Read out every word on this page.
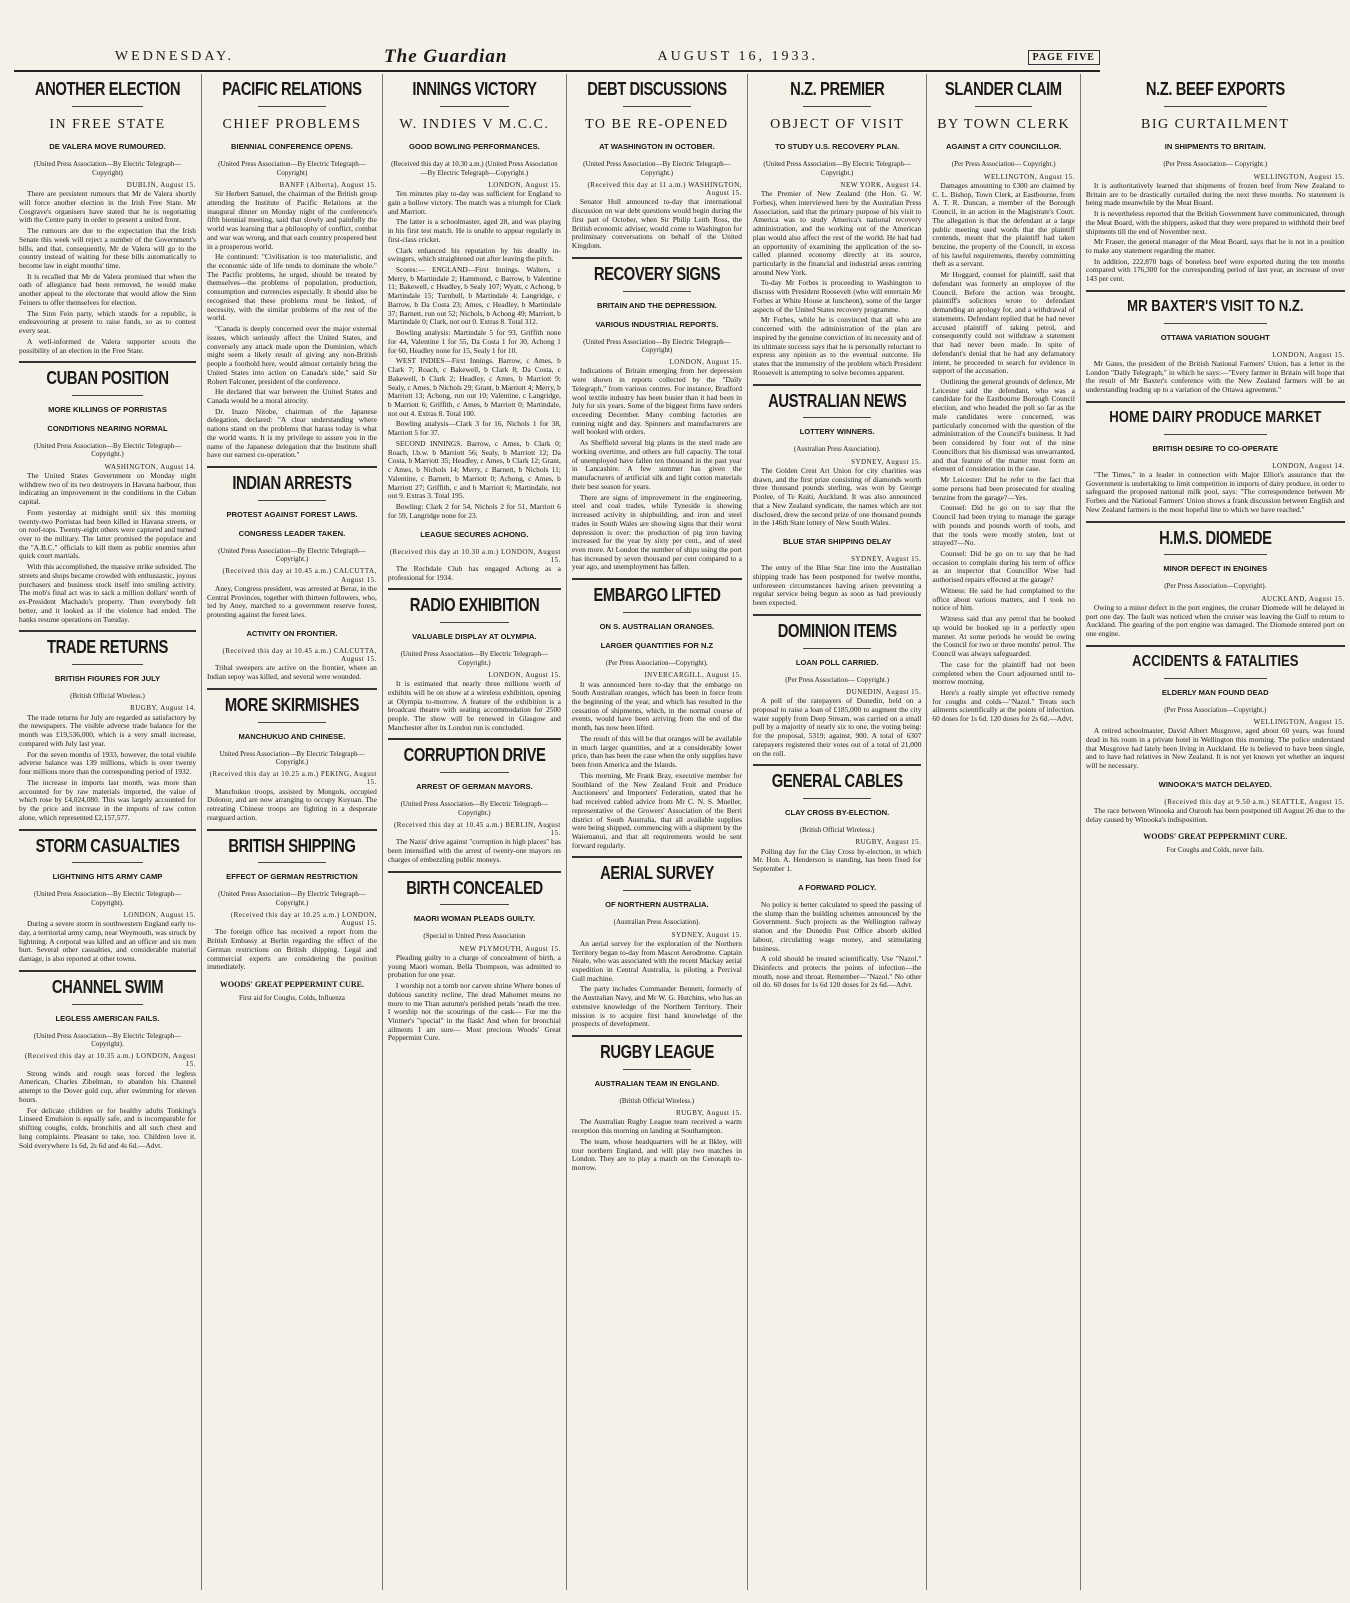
WEDNESDAY.	The Guardian	AUGUST 16, 1933.	PAGE FIVE
ANOTHER ELECTION
IN FREE STATE
DE VALERA MOVE RUMOURED.
(United Press Association—By Electric Telegraph—Copyright)
DUBLIN, August 15.

There are persistent rumours that Mr de Valera shortly will force another election in the Irish Free State. Mr Cosgrave's organisers have stated that he is negotiating with the Centre party in order to present a united front.

The rumours are due to the expectation that the Irish Senate this week will reject a number of the Government's bills, and that, consequently, Mr de Valera will go to the country instead of waiting for these bills automatically to become law in eight months' time.

It is recalled that Mr de Valera promised that when the oath of allegiance had been removed, he would make another appeal to the electorate that would allow the Sinn Feiners to offer themselves for election.

The Sinn Fein party, which stands for a republic, is endeavouring at present to raise funds, so as to contest every seat.

A well-informed de Valera supporter scouts the possibility of an election in the Free State.

CUBAN POSITION
MORE KILLINGS OF PORRISTAS
CONDITIONS NEARING NORMAL
(United Press Association—By Electric Telegraph—Copyright.)
WASHINGTON, August 14.

The United States Government on Monday night withdrew two of its two destroyers in Havana harbour, thus indicating an improvement in the conditions in the Cuban capital.

From yesterday at midnight until six this morning twenty-two Porristas had been killed in Havana streets, or on roof-tops. Twenty-eight others were captured and turned over to the military. The latter promised the populace and the "A.B.C." officials to kill them as public enemies after quick court martials.

With this accomplished, the massive strike subsided. The streets and shops became crowded with enthusiastic, joyous purchasers and business stock itself into smiling activity. The mob's final act was to sack a million dollars' worth of ex-President Machado's property. Then everybody felt better, and it looked as if the violence had ended. The banks resume operations on Tuesday.

TRADE RETURNS
BRITISH FIGURES FOR JULY
(British Official Wireless.)
RUGBY, August 14.

The trade returns for July are regarded as satisfactory by the newspapers. The visible adverse trade balance for the month was £19,536,000, which is a very small increase, compared with July last year.

For the seven months of 1933, however, the total visible adverse balance was 139 millions, which is over twenty four millions more than the corresponding period of 1932.

The increase in imports last month, was more than accounted for by raw materials imported, the value of which rose by £4,024,080. This was largely accounted for by the price and increase in the imports of raw cotton alone, which represented £2,157,577.

STORM CASUALTIES
LIGHTNING HITS ARMY CAMP
(United Press Association—By Electric Telegraph—Copyright).
LONDON, August 15.

During a severe storm in southwestern England early to-day, a territorial army camp, near Weymouth, was struck by lightning. A corporal was killed and an officer and six men hurt. Several other casualties, and considerable material damage, is also reported at other towns.

CHANNEL SWIM
LEGLESS AMERICAN FAILS.
(United Press Association—By Electric Telegraph—Copyright).
(Received this day at 10.35 a.m.) LONDON, August 15.

Strong winds and rough seas forced the legless American, Charles Zibelman, to abandon his Channel attempt to the Dover gold cup, after swimming for eleven hours.

For delicate children or for healthy adults Tonking's Linseed Emulsion is equally safe, and is incomparable for shifting coughs, colds, bronchitis and all such chest and lung complaints. Pleasant to take, too. Children love it. Sold everywhere 1s 6d, 2s 6d and 4s 6d.—Advt.

PACIFIC RELATIONS
CHIEF PROBLEMS
BIENNIAL CONFERENCE OPENS.
(United Press Association—By Electric Telegraph—Copyright)
BANFF (Alberta), August 15.

Sir Herbert Samuel, the chairman of the British group attending the Institute of Pacific Relations at the inaugural dinner on Monday night of the conference's fifth biennial meeting, said that slowly and painfully the world was learning that a philosophy of conflict, combat and war was wrong, and that each country prospered best in a prosperous world.

He continued: "Civilisation is too materialistic, and the economic side of life tends to dominate the whole." The Pacific problems, he urged, should be treated by themselves—the problems of population, production, consumption and currencies especially. It should also be recognised that these problems must be linked, of necessity, with the similar problems of the rest of the world.

"Canada is deeply concerned over the major external issues, which seriously affect the United States, and conversely any attack made upon the Dominion, which might seem a likely result of giving any non-British people a foothold here, would almost certainly bring the United States into action on Canada's side," said Sir Robert Falconer, president of the conference.

He declared that war between the United States and Canada would be a moral atrocity.

Dr. Inazo Nitobe, chairman of the Japanese delegation, declared: "A clear understanding where nations stand on the problems that harass today is what the world wants. It is my privilege to assure you in the name of the Japanese delegation that the Institute shall have our earnest co-operation."

INDIAN ARRESTS
PROTEST AGAINST FOREST LAWS.
CONGRESS LEADER TAKEN.
(United Press Association—By Electric Telegraph—Copyright.)
(Received this day at 10.45 a.m.) CALCUTTA, August 15.

Aney, Congress president, was arrested at Berar, in the Central Provinces, together with thirteen followers, who, led by Aney, marched to a government reserve forest, protesting against the forest laws.

ACTIVITY ON FRONTIER.
(Received this day at 10.45 a.m.) CALCUTTA, August 15.

Tribal sweepers are active on the frontier, where an Indian sepoy was killed, and several were wounded.

MORE SKIRMISHES
MANCHUKUO AND CHINESE.
United Press Association—By Electric Telegraph—Copyright.)
(Received this day at 10.25 a.m.) PEKING, August 15.

Manchukuo troops, assisted by Mongols, occupied Dolonor, and are now arranging to occupy Kuyuan. The retreating Chinese troops are fighting in a desperate rearguard action.

BRITISH SHIPPING
EFFECT OF GERMAN RESTRICTION
(United Press Association—By Electric Telegraph—Copyright.)
(Received this day at 10.25 a.m.) LONDON, August 15.

The foreign office has received a report from the British Embassy at Berlin regarding the effect of the German restrictions on British shipping. Legal and commercial experts are considering the position immediately.

WOODS' GREAT PEPPERMINT CURE.
First aid for Coughs, Colds, Influenza
INNINGS VICTORY
W. INDIES V M.C.C.
GOOD BOWLING PERFORMANCES.
(Received this day at 10.30 a.m.) (United Press Association—By Electric Telegraph—Copyright.)
LONDON, August 15.

Ten minutes play to-day was sufficient for England to gain a hollow victory. The match was a triumph for Clark and Marriott.

The latter is a schoolmaster, aged 28, and was playing in his first test match. He is unable to appear regularly in first-class cricket.

Clark enhanced his reputation by his deadly in-swingers, which straightened out after leaving the pitch.

Scores:— ENGLAND—First Innings. Walters, c Merry, b Martindale 2; Hammond, c Barrow, b Valentine 11; Bakewell, c Headley, b Sealy 107; Wyatt, c Achong, b Martindale 15; Turnbull, b Martindale 4; Langridge, c Barrow, b Da Costa 23; Ames, c Headley, b Martindale 37; Barnett, run out 52; Nichols, b Achong 49; Marriott, b Martindale 0; Clark, not out 0. Extras 8. Total 312.

Bowling analysis: Martindale 5 for 93, Griffith none for 44, Valentine 1 for 55, Da Costa 1 for 30, Achong 1 for 60, Headley none for 15, Sealy 1 for 10.

WEST INDIES—First Innings. Barrow, c Ames, b Clark 7; Roach, c Bakewell, b Clark 8; Da Costa, c Bakewell, b Clark 2; Headley, c Ames, b Marriott 9; Sealy, c Ames, b Nichols 29; Grant, b Marriott 4; Merry, b Marriott 13; Achong, run out 10; Valentine, c Langridge, b Marriott 6; Griffith, c Ames, b Marriott 0; Martindale, not out 4. Extras 8. Total 100.

Bowling analysis—Clark 3 for 16, Nichols 1 for 38, Marriott 5 for 37.

SECOND INNINGS. Barrow, c Ames, b Clark 0; Roach, l.b.w. b Marriott 56; Sealy, b Marriott 12; Da Costa, b Marriott 35; Headley, c Ames, b Clark 12; Grant, c Ames, b Nichols 14; Merry, c Barnett, b Nichols 11; Valentine, c Barnett, b Marriott 0; Achong, c Ames, b Marriott 27; Griffith, c and b Marriott 6; Martindale, not out 9. Extras 3. Total 195.

Bowling: Clark 2 for 54, Nichols 2 for 51, Marriott 6 for 59, Langridge none for 23.

LEAGUE SECURES ACHONG.
(Received this day at 10.30 a.m.) LONDON, August 15.

The Rochdale Club has engaged Achong as a professional for 1934.

RADIO EXHIBITION
VALUABLE DISPLAY AT OLYMPIA.
(United Press Association—By Electric Telegraph—Copyright.)
LONDON, August 15.

It is estimated that nearly three millions worth of exhibits will be on show at a wireless exhibition, opening at Olympia to-morrow. A feature of the exhibition is a broadcast theatre with seating accommodation for 2500 people. The show will be renewed in Glasgow and Manchester after its London run is concluded.

CORRUPTION DRIVE
ARREST OF GERMAN MAYORS.
(United Press Association—By Electric Telegraph—Copyright.)
(Received this day at 10.45 a.m.) BERLIN, August 15.

The Nazis' drive against "corruption in high places" has been intensified with the arrest of twenty-one mayors on charges of embezzling public moneys.

BIRTH CONCEALED
MAORI WOMAN PLEADS GUILTY.
(Special to United Press Association
NEW PLYMOUTH, August 15.

Pleading guilty to a charge of concealment of birth, a young Maori woman, Bella Thompson, was admitted to probation for one year.

I worship not a tomb nor carven shrine Where bones of dubious sanctity recline, The dead Mahomet means no more to me Than autumn's perished petals 'neath the tree. I worship not the scourings of the cask— For me the Vintner's "special" in the flask! And when for bronchial ailments I am sure— Most precious Woods' Great Peppermint Cure.

DEBT DISCUSSIONS
TO BE RE-OPENED
AT WASHINGTON IN OCTOBER.
(United Press Association—By Electric Telegraph—Copyright.)
(Received this day at 11 a.m.) WASHINGTON, August 15.

Senator Hull announced to-day that international discussion on war debt questions would begin during the first part of October, when Sir Philip Leith Ross, the British economic adviser, would come to Washington for preliminary conversations on behalf of the United Kingdom.

RECOVERY SIGNS
BRITAIN AND THE DEPRESSION.
VARIOUS INDUSTRIAL REPORTS.
(United Press Association—By Electric Telegraph—Copyright)
LONDON, August 15.

Indications of Britain emerging from her depression were shown in reports collected by the "Daily Telegraph," from various centres. For instance, Bradford wool textile industry has been busier than it had been in July for six years. Some of the biggest firms have orders exceeding December. Many combing factories are running night and day. Spinners and manufacturers are well booked with orders.

As Sheffield several big plants in the steel trade are working overtime, and others are full capacity. The total of unemployed have fallen ten thousand in the past year in Lancashire. A few summer has given the manufacturers of artificial silk and light cotton materials their best season for years.

There are signs of improvement in the engineering, steel and coal trades, while Tyneside is showing increased activity in shipbuilding, and iron and steel trades in South Wales are showing signs that their worst depression is over: the production of pig iron having increased for the year by sixty per cent., and of steel even more. At London the number of ships using the port has increased by seven thousand per cent compared to a year ago, and unemployment has fallen.

EMBARGO LIFTED
ON S. AUSTRALIAN ORANGES.
LARGER QUANTITIES FOR N.Z
(Per Press Association—Copyright).
INVERCARGILL, August 15.

It was announced here to-day that the embargo on South Australian oranges, which has been in force from the beginning of the year, and which has resulted in the cessation of shipments, which, in the normal course of events, would have been arriving from the end of the month, has now been lifted.

The result of this will be that oranges will be available in much larger quantities, and at a considerably lower price, than has been the case when the only supplies have been from America and the Islands.

This morning, Mr Frank Bray, executive member for Southland of the New Zealand Fruit and Produce Auctioneers' and Importers' Federation, stated that he had received cabled advice from Mr C. N. S. Mueller, representative of the Growers' Association of the Berri district of South Australia, that all available supplies were being shipped, commencing with a shipment by the Waiemanui, and that all requirements would be sent forward regularly.

AERIAL SURVEY
OF NORTHERN AUSTRALIA.
(Australian Press Association).
SYDNEY, August 15.

An aerial survey for the exploration of the Northern Territory began to-day from Mascot Aerodrome. Captain Neale, who was associated with the recent Mackay aerial expedition in Central Australia, is piloting a Percival Gull machine.

The party includes Commander Bennett, formerly of the Australian Navy, and Mr W. G. Hutchins, who has an extensive knowledge of the Northern Territory. Their mission is to acquire first hand knowledge of the prospects of development.

RUGBY LEAGUE
AUSTRALIAN TEAM IN ENGLAND.
(British Official Wireless.)
RUGBY, August 15.

The Australian Rugby League team received a warm reception this morning on landing at Southampton.

The team, whose headquarters will be at Ilkley, will tour northern England, and will play two matches in London. They are to play a match on the Cenotaph to-morrow.

N.Z. PREMIER
OBJECT OF VISIT
TO STUDY U.S. RECOVERY PLAN.
(United Press Association—By Electric Telegraph—Copyright.)
NEW YORK, August 14.

The Premier of New Zealand (the Hon. G. W. Forbes), when interviewed here by the Australian Press Association, said that the primary purpose of his visit to America was to study America's national recovery administration, and the working out of the American plan would also affect the rest of the world. He had had an opportunity of examining the application of the so-called planned economy directly at its source, particularly in the financial and industrial areas centring around New York.

To-day Mr Forbes is proceeding to Washington to discuss with President Roosevelt (who will entertain Mr Forbes at White House at luncheon), some of the larger aspects of the United States recovery programme.

Mr Forbes, while he is convinced that all who are concerned with the administration of the plan are inspired by the genuine conviction of its necessity and of its ultimate success says that he is personally reluctant to express any opinion as to the eventual outcome. He states that the immensity of the problem which President Roosevelt is attempting to solve becomes apparent.

AUSTRALIAN NEWS
LOTTERY WINNERS.
(Australian Press Association).
SYDNEY, August 15.

The Golden Crest Art Union for city charities was drawn, and the first prize consisting of diamonds worth three thousand pounds sterling, was won by George Poolee, of Te Kuiti, Auckland. It was also announced that a New Zealand syndicate, the names which are not disclosed, drew the second prize of one thousand pounds in the 146th State lottery of New South Wales.

BLUE STAR SHIPPING DELAY
SYDNEY, August 15.

The entry of the Blue Star line into the Australian shipping trade has been postponed for twelve months, unforeseen circumstances having arisen preventing a regular service being begun as soon as had previously been expected.

DOMINION ITEMS
LOAN POLL CARRIED.
(Per Press Association— Copyright.)
DUNEDIN, August 15.

A poll of the ratepayers of Dunedin, held on a proposal to raise a loan of £185,000 to augment the city water supply from Deep Stream, was carried on a small poll by a majority of nearly six to one, the voting being: for the proposal, 5319; against, 900. A total of 6307 ratepayers registered their votes out of a total of 21,000 on the roll.

GENERAL CABLES
CLAY CROSS BY-ELECTION.
(British Official Wireless.)
RUGBY, August 15.

Polling day for the Clay Cross by-election, in which Mr. Hon. A. Henderson is standing, has been fixed for September 1.

A FORWARD POLICY.

No policy is better calculated to speed the passing of the slump than the building schemes announced by the Government. Such projects as the Wellington railway station and the Dunedin Post Office absorb skilled labour, circulating wage money, and stimulating business.

A cold should be treated scientifically. Use "Nazol." Disinfects and protects the points of infection—the mouth, nose and throat. Remember—"Nazol." No other oil do. 60 doses for 1s 6d 120 doses for 2s 6d.—Advt.

SLANDER CLAIM
BY TOWN CLERK
AGAINST A CITY COUNCILLOR.
(Per Press Association— Copyright.)
WELLINGTON, August 15.

Damages amounting to £300 are claimed by C. L. Bishop, Town Clerk, at Eastbourne, from A. T. R. Duncan, a member of the Borough Council, in an action in the Magistrate's Court. The allegation is that the defendant at a large public meeting used words that the plaintiff contends, meant that the plaintiff had taken benzine, the property of the Council, in excess of his lawful requirements, thereby committing theft as a servant.

Mr Hoggard, counsel for plaintiff, said that defendant was formerly an employee of the Council. Before the action was brought, plaintiff's solicitors wrote to defendant demanding an apology for, and a withdrawal of statements. Defendant replied that he had never accused plaintiff of taking petrol, and consequently could not withdraw a statement that had never been made. In spite of defendant's denial that he had any defamatory intent, he proceeded to search for evidence in support of the accusation.

Outlining the general grounds of defence, Mr Leicester said the defendant, who was a candidate for the Eastbourne Borough Council election, and who headed the poll so far as the male candidates were concerned, was particularly concerned with the question of the administration of the Council's business. It had been considered by four out of the nine Councillors that his dismissal was unwarranted, and that feature of the matter must form an element of consideration in the case.

Mr Leicester: Did he refer to the fact that some persons had been prosecuted for stealing benzine from the garage?—Yes.

Counsel: Did he go on to say that the Council had been trying to manage the garage with pounds and pounds worth of tools, and that the tools were mostly stolen, lost or strayed?—No.

Counsel: Did he go on to say that he had occasion to complain during his term of office as an inspector that Councillor Wise had authorised repairs effected at the garage?

Witness: He said he had complained to the office about various matters, and I took no notice of him.

Witness said that any petrol that he booked up would be booked up in a perfectly open manner. At some periods he would be owing the Council for two or three months' petrol. The Council was always safeguarded.

The case for the plaintiff had not been completed when the Court adjourned until to-morrow morning.

Here's a really simple yet effective remedy for coughs and colds—"Nazol." Treats such ailments scientifically at the points of infection. 60 doses for 1s 6d. 120 doses for 2s 6d.—Advt.

N.Z. BEEF EXPORTS
BIG CURTAILMENT
IN SHIPMENTS TO BRITAIN.
(Per Press Association— Copyright.)
WELLINGTON, August 15.

It is authoritatively learned that shipments of frozen beef from New Zealand to Britain are to be drastically curtailed during the next three months. No statement is being made meanwhile by the Meat Board.

It is nevertheless reported that the British Government have communicated, through the Meat Board, with the shippers, asked that they were prepared to withhold their beef shipments till the end of November next.

Mr Fraser, the general manager of the Meat Board, says that he is not in a position to make any statement regarding the matter.

In addition, 222,870 bags of boneless beef were exported during the ten months compared with 176,300 for the corresponding period of last year, an increase of over 143 per cent.

MR BAXTER'S VISIT TO N.Z.
OTTAWA VARIATION SOUGHT
LONDON, August 15.

Mr Gates, the president of the British National Farmers' Union, has a letter in the London "Daily Telegraph," in which he says:—"Every farmer in Britain will hope that the result of Mr Baxter's conference with the New Zealand farmers will be an understanding leading up to a variation of the Ottawa agreement."

HOME DAIRY PRODUCE MARKET
BRITISH DESIRE TO CO-OPERATE
LONDON, August 14.

"The Times," in a leader in connection with Major Elliot's assurance that the Government is undertaking to limit competition in imports of dairy produce, in order to safeguard the proposed national milk pool, says: "The correspondence between Mr Forbes and the National Farmers' Union shows a frank discussion between English and New Zealand farmers is the most hopeful line to which we have reached."

H.M.S. DIOMEDE
MINOR DEFECT IN ENGINES
(Per Press Association—Copyright).
AUCKLAND, August 15.

Owing to a minor defect in the port engines, the cruiser Diomede will be delayed in port one day. The fault was noticed when the cruiser was leaving the Gulf to return to Auckland. The gearing of the port engine was damaged. The Diomede entered port on one engine.

ACCIDENTS & FATALITIES
ELDERLY MAN FOUND DEAD
(Per Press Association—Copyright.)
WELLINGTON, August 15.

A retired schoolmaster, David Albert Musgrove, aged about 60 years, was found dead in his room in a private hotel in Wellington this morning. The police understand that Musgrove had lately been living in Auckland. He is believed to have been single, and to have had relatives in New Zealand. It is not yet known yet whether an inquest will be necessary.

WINOOKA'S MATCH DELAYED.
(Received this day at 9.50 a.m.) SEATTLE, August 15.

The race between Winooka and Ourouh has been postponed till August 26 due to the delay caused by Winooka's indisposition.

WOODS' GREAT PEPPERMINT CURE.
For Coughs and Colds, never fails.
